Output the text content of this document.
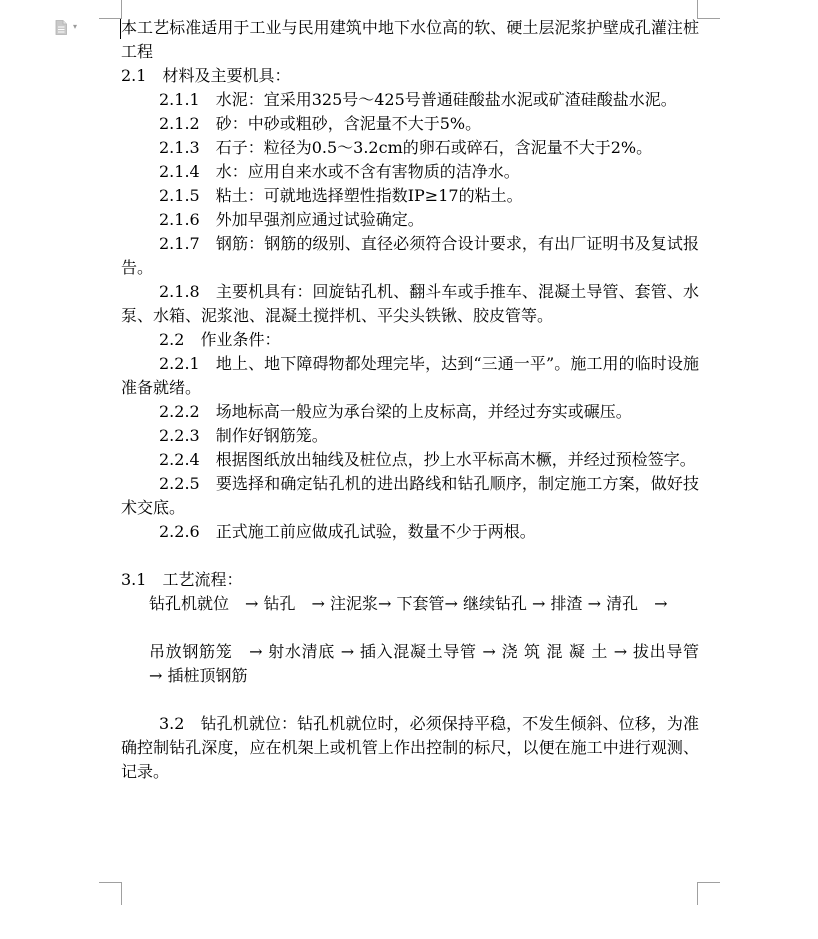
▾	本工艺标准适用于工业与民用建筑中地下水位高的软、硬土层泥浆护壁成孔灌注桩工程

2.1　材料及主要机具：

2.1.1　水泥：宜采用325号～425号普通硅酸盐水泥或矿渣硅酸盐水泥。

2.1.2　砂：中砂或粗砂，含泥量不大于5%。

2.1.3　石子：粒径为0.5～3.2cm的卵石或碎石，含泥量不大于2%。

2.1.4　水：应用自来水或不含有害物质的洁净水。

2.1.5　粘土：可就地选择塑性指数IP≥17的粘土。

2.1.6　外加早强剂应通过试验确定。

2.1.7　钢筋：钢筋的级别、直径必须符合设计要求，有出厂证明书及复试报告。

2.1.8　主要机具有：回旋钻孔机、翻斗车或手推车、混凝土导管、套管、水泵、水箱、泥浆池、混凝土搅拌机、平尖头铁锹、胶皮管等。

2.2　作业条件：

2.2.1　地上、地下障碍物都处理完毕，达到“三通一平”。施工用的临时设施准备就绪。

2.2.2　场地标高一般应为承台梁的上皮标高，并经过夯实或碾压。

2.2.3　制作好钢筋笼。

2.2.4　根据图纸放出轴线及桩位点，抄上水平标高木橛，并经过预检签字。

2.2.5　要选择和确定钻孔机的进出路线和钻孔顺序，制定施工方案，做好技术交底。

2.2.6　正式施工前应做成孔试验，数量不少于两根。

3.1　工艺流程：

钻孔机就位　→ 钻孔　→ 注泥浆→ 下套管→ 继续钻孔 → 排渣 → 清孔　→

吊放钢筋笼　→ 射水清底 → 插入混凝土导管 → 浇 筑 混 凝 土 → 拔出导管　→ 插桩顶钢筋

3.2　钻孔机就位：钻孔机就位时，必须保持平稳，不发生倾斜、位移，为准确控制钻孔深度，应在机架上或机管上作出控制的标尺，以便在施工中进行观测、记录。
